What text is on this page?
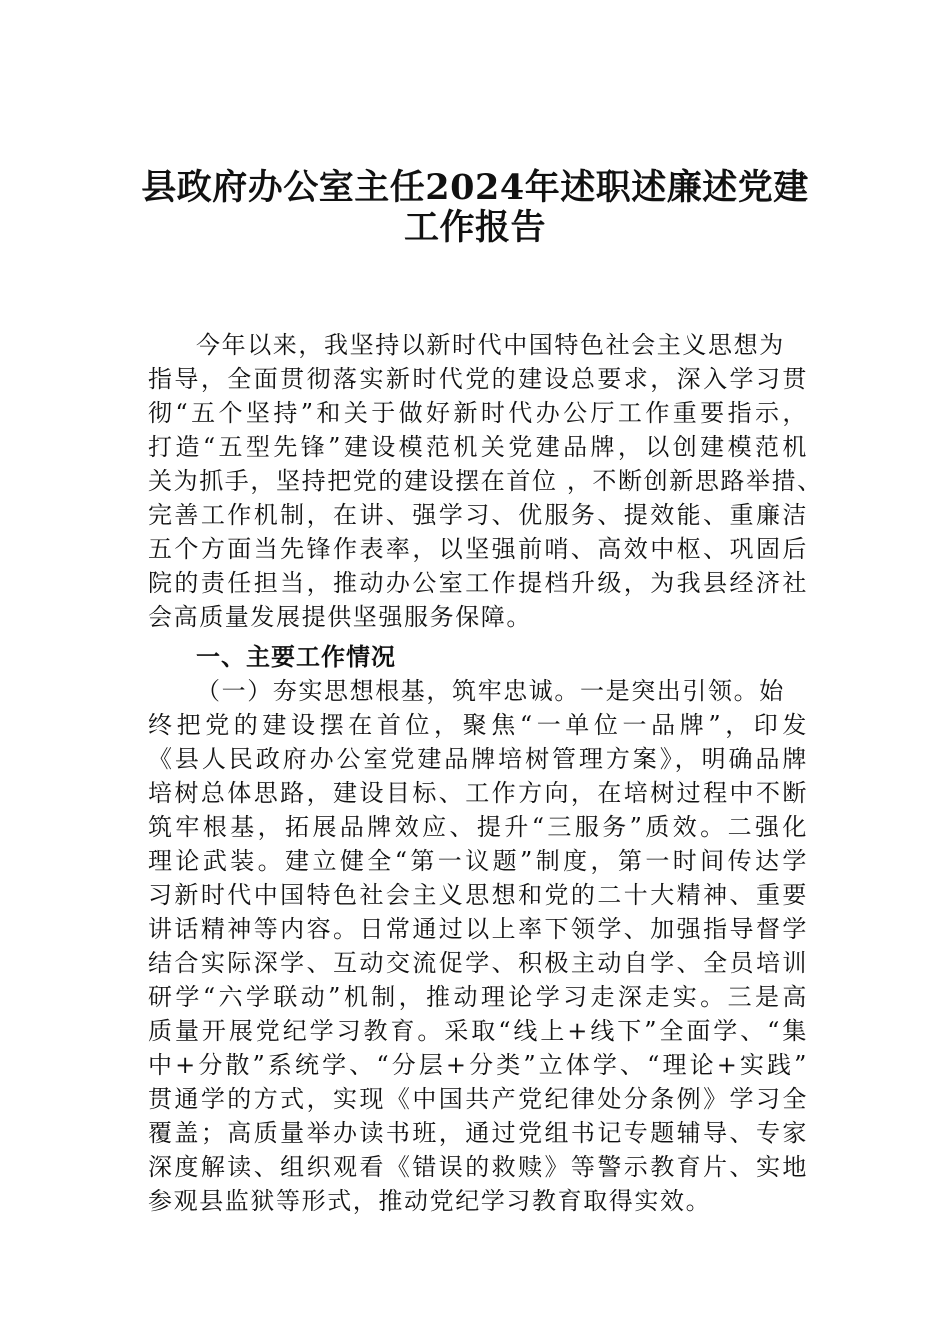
县政府办公室主任2024年述职述廉述党建
工作报告
今年以来，我坚持以新时代中国特色社会主义思想为
指导，全面贯彻落实新时代党的建设总要求，深入学习贯
彻“五个坚持”和关于做好新时代办公厅工作重要指示，
打造“五型先锋”建设模范机关党建品牌，以创建模范机
关为抓手，坚持把党的建设摆在首位 ，不断创新思路举措、
完善工作机制，在讲、强学习、优服务、提效能、重廉洁
五个方面当先锋作表率，以坚强前哨、高效中枢、巩固后
院的责任担当，推动办公室工作提档升级，为我县经济社
会高质量发展提供坚强服务保障。
一、主要工作情况
（一）夯实思想根基，筑牢忠诚。一是突出引领。始
终把党的建设摆在首位，聚焦“一单位一品牌”，印发
《县人民政府办公室党建品牌培树管理方案》，明确品牌
培树总体思路，建设目标、工作方向，在培树过程中不断
筑牢根基，拓展品牌效应、提升“三服务”质效。二强化
理论武装。建立健全“第一议题”制度，第一时间传达学
习新时代中国特色社会主义思想和党的二十大精神、重要
讲话精神等内容。日常通过以上率下领学、加强指导督学
结合实际深学、互动交流促学、积极主动自学、全员培训
研学“六学联动”机制，推动理论学习走深走实。三是高
质量开展党纪学习教育。采取“线上+线下”全面学、“集
中+分散”系统学、“分层+分类”立体学、“理论+实践”
贯通学的方式，实现《中国共产党纪律处分条例》学习全
覆盖；高质量举办读书班，通过党组书记专题辅导、专家
深度解读、组织观看《错误的救赎》等警示教育片、实地
参观县监狱等形式，推动党纪学习教育取得实效。
